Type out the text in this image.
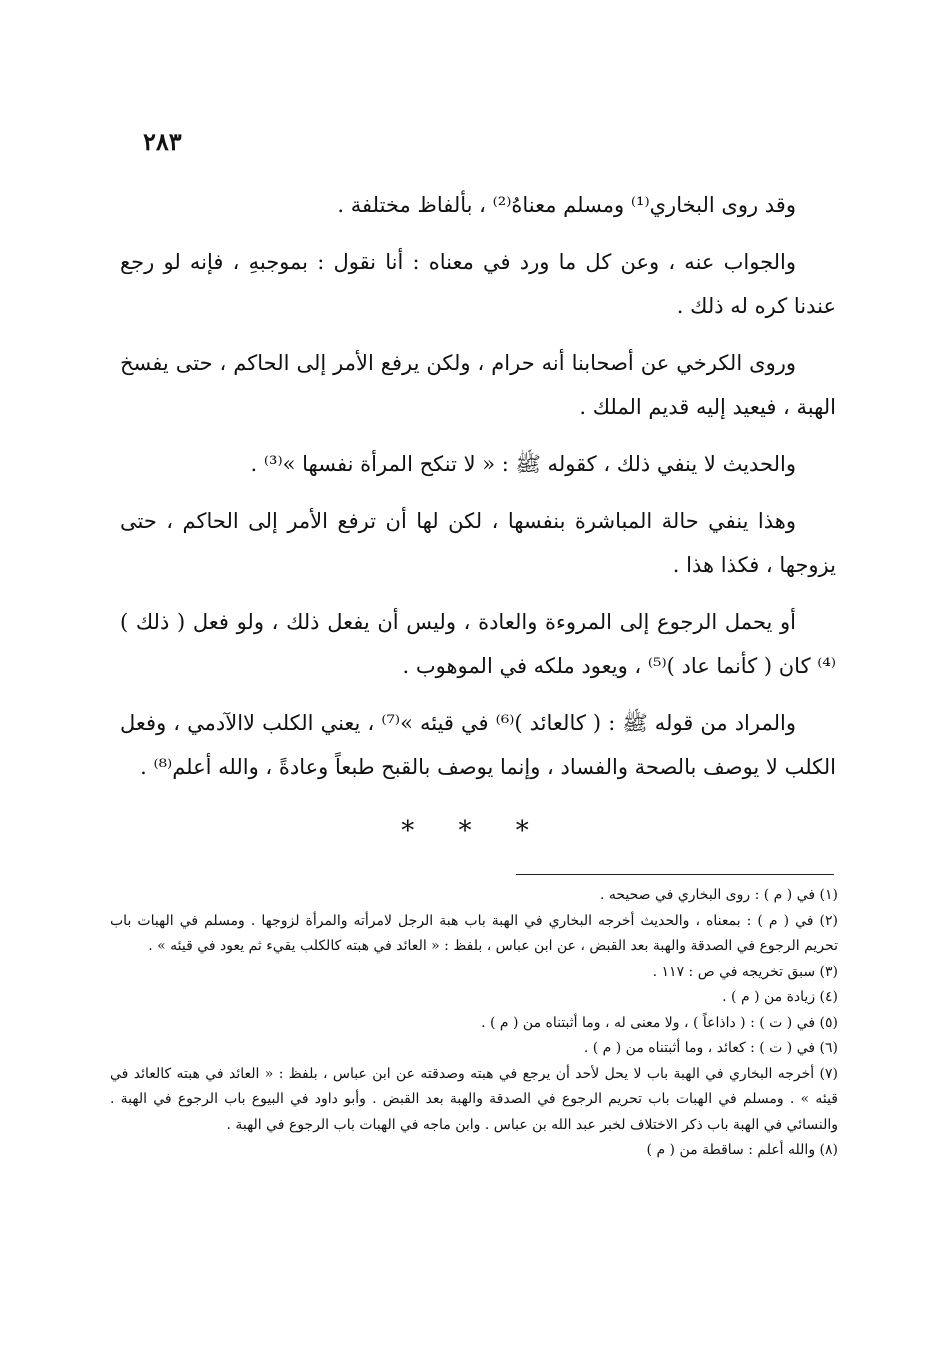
٢٨٣

وقد روى البخاري⁽¹⁾ ومسلم معناهُ⁽²⁾ ، بألفاظ مختلفة .

والجواب عنه ، وعن كل ما ورد في معناه : أنا نقول : بموجبهِ ، فإنه لو رجع عندنا كره له ذلك .

وروى الكرخي عن أصحابنا أنه حرام ، ولكن يرفع الأمر إلى الحاكم ، حتى يفسخ الهبة ، فيعيد إليه قديم الملك .

والحديث لا ينفي ذلك ، كقوله ﷺ : « لا تنكح المرأة نفسها »⁽³⁾ .

وهذا ينفي حالة المباشرة بنفسها ، لكن لها أن ترفع الأمر إلى الحاكم ، حتى يزوجها ، فكذا هذا .

أو يحمل الرجوع إلى المروءة والعادة ، وليس أن يفعل ذلك ، ولو فعل ( ذلك )⁽⁴⁾ كان ( كأنما عاد )⁽⁵⁾ ، ويعود ملكه في الموهوب .

والمراد من قوله ﷺ : ( كالعائد )⁽⁶⁾ في قيئه »⁽⁷⁾ ، يعني الكلب لاالآدمي ، وفعل الكلب لا يوصف بالصحة والفساد ، وإنما يوصف بالقبح طبعاً وعادةً ، والله أعلم⁽⁸⁾ .

* * *

(١) في ( م ) : روى البخاري في صحيحه .

(٢) في ( م ) : بمعناه ، والحديث أخرجه البخاري في الهبة باب هبة الرجل لامرأته والمرأة لزوجها . ومسلم في الهبات باب تحريم الرجوع في الصدقة والهبة بعد القبض ، عن ابن عباس ، بلفظ : « العائد في هبته كالكلب يقيء ثم يعود في قيئه » .

(٣) سبق تخريجه في ص : ١١٧ .

(٤) زيادة من ( م ) .

(٥) في ( ت ) : ( داذاعاً ) ، ولا معنى له ، وما أثبتناه من ( م ) .

(٦) في ( ت ) : كعائد ، وما أثبتناه من ( م ) .

(٧) أخرجه البخاري في الهبة باب لا يحل لأحد أن يرجع في هبته وصدقته عن ابن عباس ، بلفظ : « العائد في هبته كالعائد في قيئه » . ومسلم في الهبات باب تحريم الرجوع في الصدقة والهبة بعد القبض . وأبو داود في البيوع باب الرجوع في الهبة . والنسائي في الهبة باب ذكر الاختلاف لخبر عبد الله بن عباس . وابن ماجه في الهبات باب الرجوع في الهبة .

(٨) والله أعلم : ساقطة من ( م )
